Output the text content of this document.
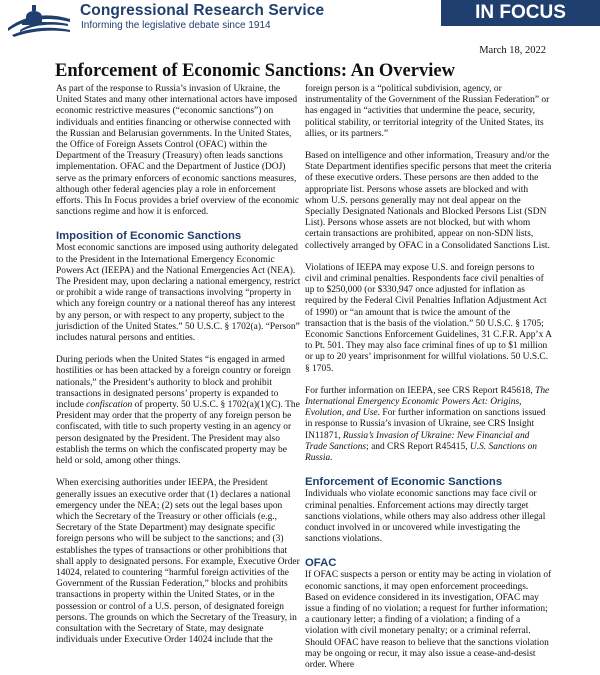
Congressional Research Service
Informing the legislative debate since 1914
IN FOCUS
March 18, 2022
Enforcement of Economic Sanctions: An Overview

As part of the response to Russia’s invasion of Ukraine, the United States and many other international actors have imposed economic restrictive measures (“economic sanctions”) on individuals and entities financing or otherwise connected with the Russian and Belarusian governments. In the United States, the Office of Foreign Assets Control (OFAC) within the Department of the Treasury (Treasury) often leads sanctions implementation. OFAC and the Department of Justice (DOJ) serve as the primary enforcers of economic sanctions measures, although other federal agencies play a role in enforcement efforts. This In Focus provides a brief overview of the economic sanctions regime and how it is enforced.

Imposition of Economic Sanctions

Most economic sanctions are imposed using authority delegated to the President in the International Emergency Economic Powers Act (IEEPA) and the National Emergencies Act (NEA). The President may, upon declaring a national emergency, restrict or prohibit a wide range of transactions involving “property in which any foreign country or a national thereof has any interest by any person, or with respect to any property, subject to the jurisdiction of the United States.” 50 U.S.C. § 1702(a). “Person” includes natural persons and entities.

During periods when the United States “is engaged in armed hostilities or has been attacked by a foreign country or foreign nationals,” the President’s authority to block and prohibit transactions in designated persons’ property is expanded to include confiscation of property. 50 U.S.C. § 1702(a)(1)(C). The President may order that the property of any foreign person be confiscated, with title to such property vesting in an agency or person designated by the President. The President may also establish the terms on which the confiscated property may be held or sold, among other things.

When exercising authorities under IEEPA, the President generally issues an executive order that (1) declares a national emergency under the NEA; (2) sets out the legal bases upon which the Secretary of the Treasury or other officials (e.g., Secretary of the State Department) may designate specific foreign persons who will be subject to the sanctions; and (3) establishes the types of transactions or other prohibitions that shall apply to designated persons. For example, Executive Order 14024, related to countering “harmful foreign activities of the Government of the Russian Federation,” blocks and prohibits transactions in property within the United States, or in the possession or control of a U.S. person, of designated foreign persons. The grounds on which the Secretary of the Treasury, in consultation with the Secretary of State, may designate individuals under Executive Order 14024 include that the

foreign person is a “political subdivision, agency, or instrumentality of the Government of the Russian Federation” or has engaged in “activities that undermine the peace, security, political stability, or territorial integrity of the United States, its allies, or its partners.”

Based on intelligence and other information, Treasury and/or the State Department identifies specific persons that meet the criteria of these executive orders. These persons are then added to the appropriate list. Persons whose assets are blocked and with whom U.S. persons generally may not deal appear on the Specially Designated Nationals and Blocked Persons List (SDN List). Persons whose assets are not blocked, but with whom certain transactions are prohibited, appear on non-SDN lists, collectively arranged by OFAC in a Consolidated Sanctions List.

Violations of IEEPA may expose U.S. and foreign persons to civil and criminal penalties. Respondents face civil penalties of up to $250,000 (or $330,947 once adjusted for inflation as required by the Federal Civil Penalties Inflation Adjustment Act of 1990) or “an amount that is twice the amount of the transaction that is the basis of the violation.” 50 U.S.C. § 1705; Economic Sanctions Enforcement Guidelines, 31 C.F.R. App’x A to Pt. 501. They may also face criminal fines of up to $1 million or up to 20 years’ imprisonment for willful violations. 50 U.S.C. § 1705.

For further information on IEEPA, see CRS Report R45618, The International Emergency Economic Powers Act: Origins, Evolution, and Use. For further information on sanctions issued in response to Russia’s invasion of Ukraine, see CRS Insight IN11871, Russia’s Invasion of Ukraine: New Financial and Trade Sanctions; and CRS Report R45415, U.S. Sanctions on Russia.

Enforcement of Economic Sanctions

Individuals who violate economic sanctions may face civil or criminal penalties. Enforcement actions may directly target sanctions violations, while others may also address other illegal conduct involved in or uncovered while investigating the sanctions violations.

OFAC

If OFAC suspects a person or entity may be acting in violation of economic sanctions, it may open enforcement proceedings. Based on evidence considered in its investigation, OFAC may issue a finding of no violation; a request for further information; a cautionary letter; a finding of a violation; a finding of a violation with civil monetary penalty; or a criminal referral. Should OFAC have reason to believe that the sanctions violation may be ongoing or recur, it may also issue a cease-and-desist order. Where
